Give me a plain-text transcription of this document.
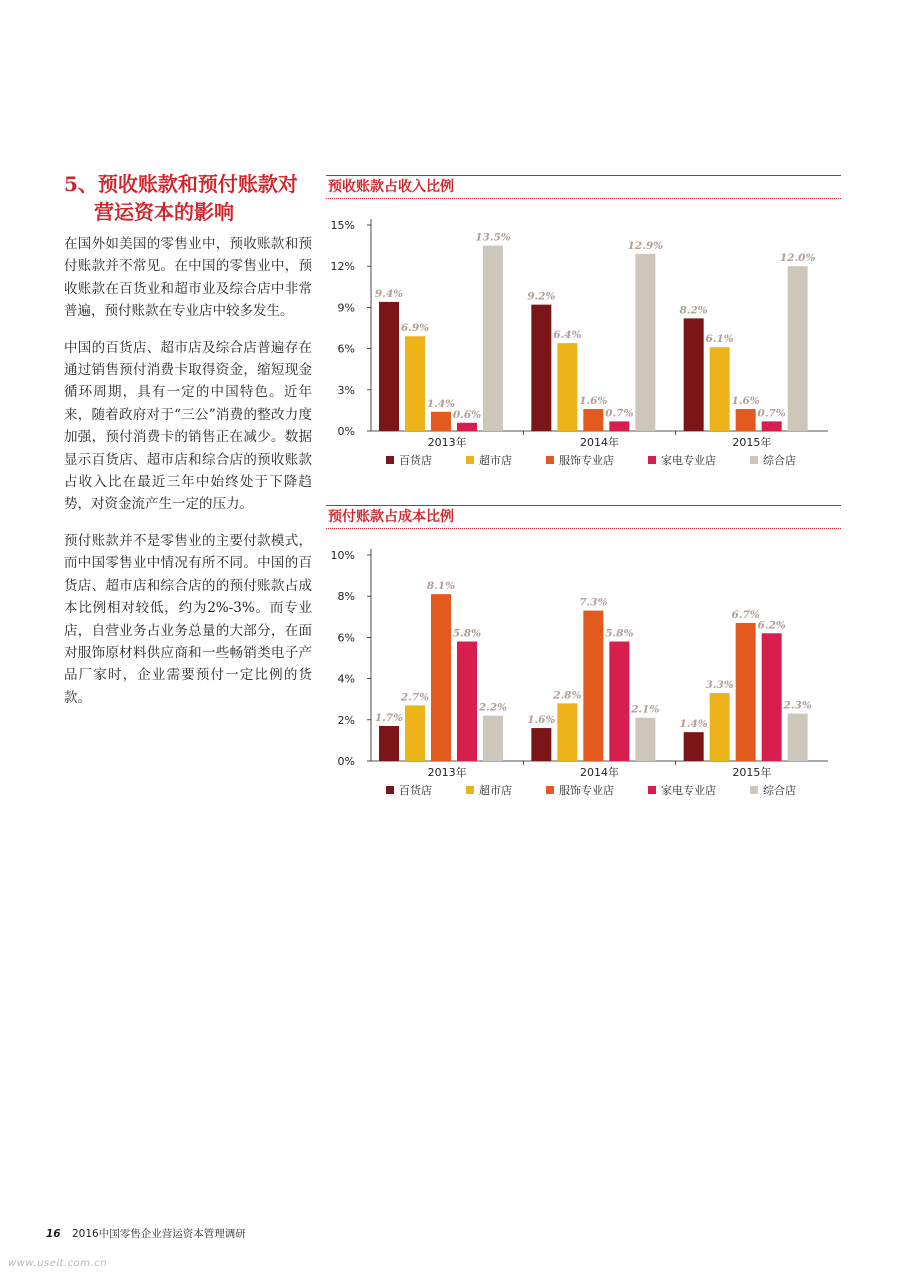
5、预收账款和预付账款对
营运资本的影响

在国外如美国的零售业中，预收账款和预付账款并不常见。在中国的零售业中，预收账款在百货业和超市业及综合店中非常普遍，预付账款在专业店中较多发生。

中国的百货店、超市店及综合店普遍存在通过销售预付消费卡取得资金，缩短现金循环周期，具有一定的中国特色。近年来，随着政府对于“三公”消费的整改力度加强，预付消费卡的销售正在减少。数据显示百货店、超市店和综合店的预收账款占收入比在最近三年中始终处于下降趋势，对资金流产生一定的压力。

预付账款并不是零售业的主要付款模式，而中国零售业中情况有所不同。中国的百货店、超市店和综合店的的预付账款占成本比例相对较低，约为2%-3%。而专业店，自营业务占业务总量的大部分，在面对服饰原材料供应商和一些畅销类电子产品厂家时，企业需要预付一定比例的货款。

预收账款占收入比例
0%
3%
6%
9%
12%
15%
9.4%
6.9%
1.4%
0.6%
13.5%
2013年
9.2%
6.4%
1.6%
0.7%
12.9%
2014年
8.2%
6.1%
1.6%
0.7%
12.0%
2015年
百货店	超市店	服饰专业店	家电专业店	综合店
预付账款占成本比例
0%
2%
4%
6%
8%
10%
1.7%
2.7%
8.1%
5.8%
2.2%
2013年
1.6%
2.8%
7.3%
5.8%
2.1%
2014年
1.4%
3.3%
6.7%
6.2%
2.3%
2015年
百货店	超市店	服饰专业店	家电专业店	综合店
16 2016中国零售企业营运资本管理调研
www.useit.com.cn
